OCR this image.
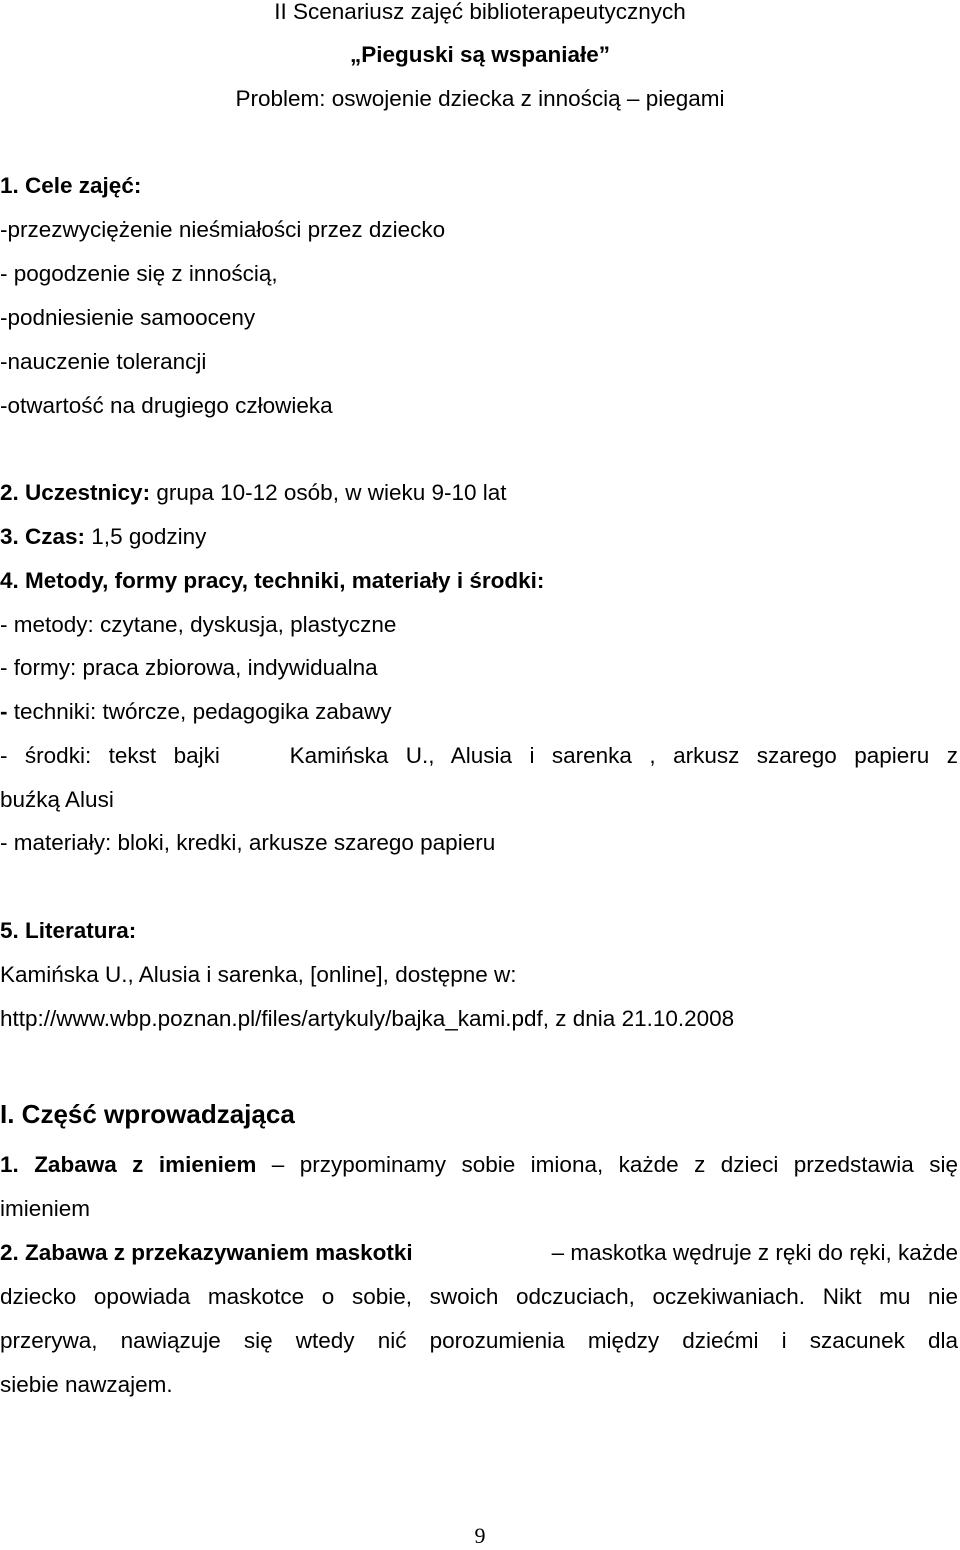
II Scenariusz zajęć biblioterapeutycznych
„Pieguski są wspaniałe”
Problem: oswojenie dziecka z innością – piegami
1. Cele zajęć:
-przezwyciężenie nieśmiałości przez dziecko
- pogodzenie się z innością,
-podniesienie samooceny
-nauczenie tolerancji
-otwartość na drugiego człowieka
2. Uczestnicy: grupa 10-12 osób, w wieku 9-10 lat
3. Czas: 1,5 godziny
4. Metody, formy pracy, techniki, materiały i środki:
- metody: czytane, dyskusja, plastyczne
- formy: praca zbiorowa, indywidualna
- techniki: twórcze, pedagogika zabawy
- środki: tekst bajki    Kamińska U., Alusia i sarenka , arkusz szarego papieru z
buźką Alusi
- materiały: bloki, kredki, arkusze szarego papieru
5. Literatura:
Kamińska U., Alusia i sarenka, [online], dostępne w:
http://www.wbp.poznan.pl/files/artykuly/bajka_kami.pdf, z dnia 21.10.2008
I. Część wprowadzająca
1. Zabawa z imieniem – przypominamy sobie imiona, każde z dzieci przedstawia się
imieniem
2. Zabawa z przekazywaniem maskotki	– maskotka wędruje z ręki do ręki, każde
dziecko opowiada maskotce o sobie, swoich odczuciach, oczekiwaniach. Nikt mu nie
przerywa, nawiązuje się wtedy nić porozumienia między dziećmi i szacunek dla
siebie nawzajem.
9
